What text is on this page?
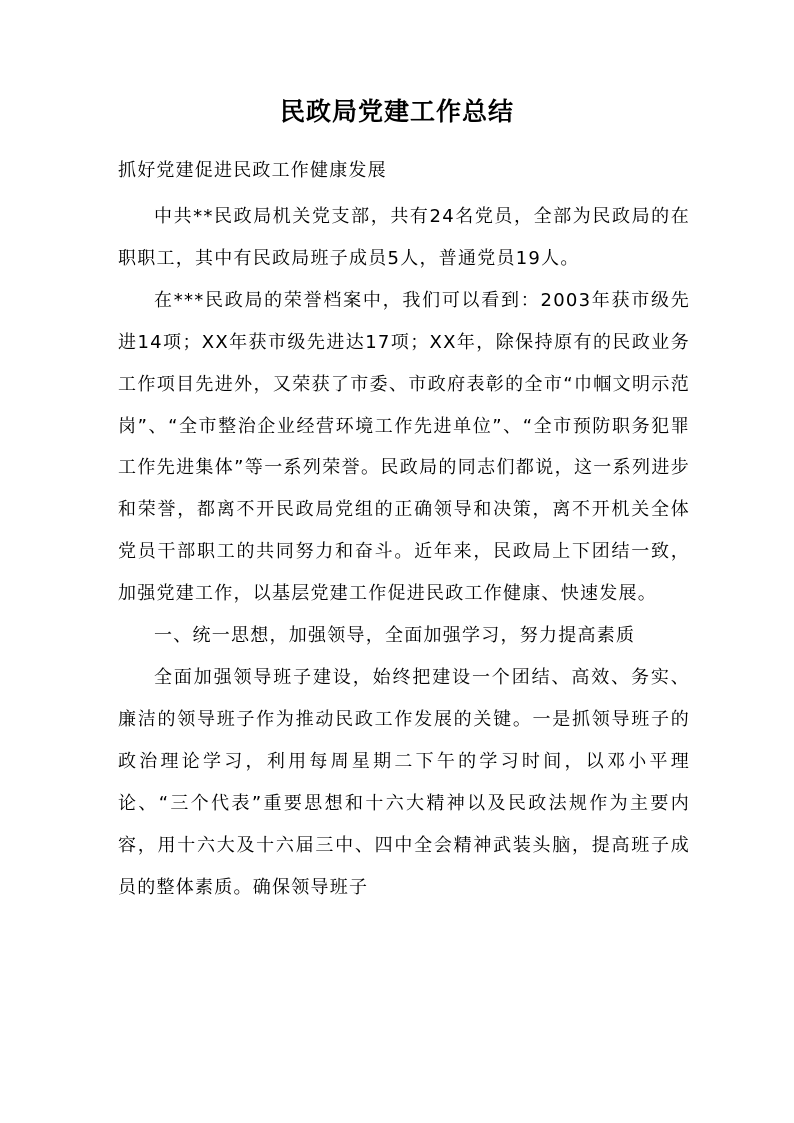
民政局党建工作总结
抓好党建促进民政工作健康发展

中共**民政局机关党支部，共有24名党员，全部为民政局的在职职工，其中有民政局班子成员5人，普通党员19人。

在***民政局的荣誉档案中，我们可以看到：2003年获市级先进14项；XX年获市级先进达17项；XX年，除保持原有的民政业务工作项目先进外，又荣获了市委、市政府表彰的全市“巾帼文明示范岗”、“全市整治企业经营环境工作先进单位”、“全市预防职务犯罪工作先进集体”等一系列荣誉。民政局的同志们都说，这一系列进步和荣誉，都离不开民政局党组的正确领导和决策，离不开机关全体党员干部职工的共同努力和奋斗。近年来，民政局上下团结一致，加强党建工作，以基层党建工作促进民政工作健康、快速发展。

一、统一思想，加强领导，全面加强学习，努力提高素质

全面加强领导班子建设，始终把建设一个团结、高效、务实、廉洁的领导班子作为推动民政工作发展的关键。一是抓领导班子的政治理论学习，利用每周星期二下午的学习时间，以邓小平理论、“三个代表”重要思想和十六大精神以及民政法规作为主要内容，用十六大及十六届三中、四中全会精神武装头脑，提高班子成员的整体素质。确保领导班子
